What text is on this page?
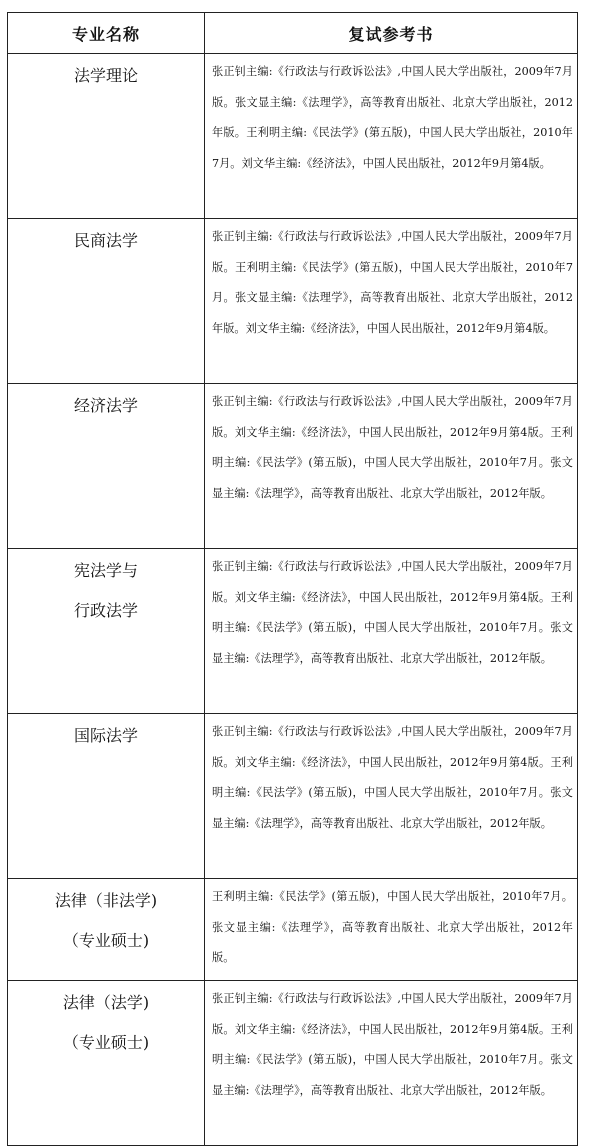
专业名称	复试参考书

法学理论	张正钊主编:《行政法与行政诉讼法》,中国人民大学出版社，2009年7月版。张文显主编:《法理学》，高等教育出版社、北京大学出版社，2012年版。王利明主编:《民法学》(第五版)，中国人民大学出版社，2010年7月。刘文华主编:《经济法》，中国人民出版社，2012年9月第4版。

民商法学	张正钊主编:《行政法与行政诉讼法》,中国人民大学出版社，2009年7月版。王利明主编:《民法学》(第五版)，中国人民大学出版社，2010年7月。张文显主编:《法理学》，高等教育出版社、北京大学出版社，2012年版。刘文华主编:《经济法》，中国人民出版社，2012年9月第4版。

经济法学	张正钊主编:《行政法与行政诉讼法》,中国人民大学出版社，2009年7月版。刘文华主编:《经济法》，中国人民出版社，2012年9月第4版。王利明主编:《民法学》(第五版)，中国人民大学出版社，2010年7月。张文显主编:《法理学》，高等教育出版社、北京大学出版社，2012年版。

宪法学与
行政法学	张正钊主编:《行政法与行政诉讼法》,中国人民大学出版社，2009年7月版。刘文华主编:《经济法》，中国人民出版社，2012年9月第4版。王利明主编:《民法学》(第五版)，中国人民大学出版社，2010年7月。张文显主编:《法理学》，高等教育出版社、北京大学出版社，2012年版。

国际法学	张正钊主编:《行政法与行政诉讼法》,中国人民大学出版社，2009年7月版。刘文华主编:《经济法》，中国人民出版社，2012年9月第4版。王利明主编:《民法学》(第五版)，中国人民大学出版社，2010年7月。张文显主编:《法理学》，高等教育出版社、北京大学出版社，2012年版。

法律（非法学)
（专业硕士)	王利明主编:《民法学》(第五版)，中国人民大学出版社，2010年7月。张文显主编:《法理学》，高等教育出版社、北京大学出版社，2012年版。

法律（法学)
（专业硕士)	张正钊主编:《行政法与行政诉讼法》,中国人民大学出版社，2009年7月版。刘文华主编:《经济法》，中国人民出版社，2012年9月第4版。王利明主编:《民法学》(第五版)，中国人民大学出版社，2010年7月。张文显主编:《法理学》，高等教育出版社、北京大学出版社，2012年版。
